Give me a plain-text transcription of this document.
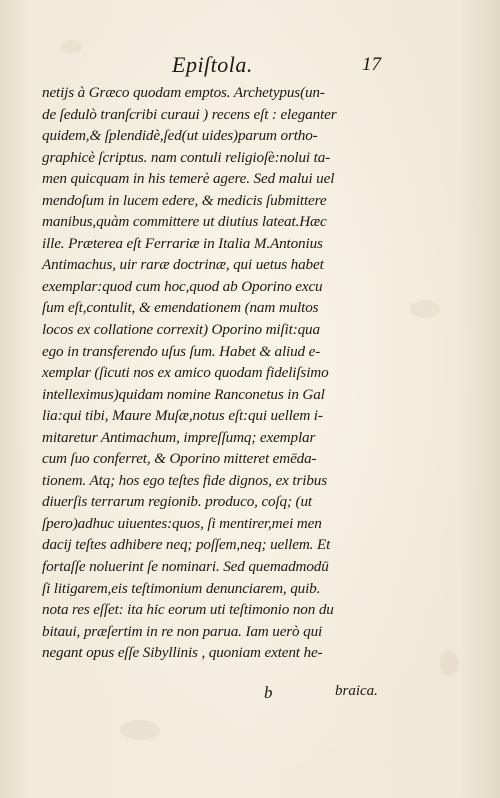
Epiſtola.	17
netijs à Græco quodam emptos. Archetypus(un-
de ſedulò tranſcribi curaui ) recens eſt : eleganter
quidem,& ſplendidè,ſed(ut uides)parum ortho-
graphicè ſcriptus. nam contuli religioſè:nolui ta-
men quicquam in his temerè agere. Sed malui uel
mendoſum in lucem edere, & medicis ſubmittere
manibus,quàm committere ut diutius lateat.Hæc
ille. Præterea eſt Ferrariæ in Italia M.Antonius
Antimachus, uir raræ doctrinæ, qui uetus habet
exemplar:quod cum hoc,quod ab Oporino excu
ſum eſt,contulit, & emendationem (nam multos
locos ex collatione correxit) Oporino miſit:qua
ego in transferendo uſus ſum. Habet & aliud e-
xemplar (ſicuti nos ex amico quodam fideliſsimo
intelleximus)quidam nomine Ranconetus in Gal
lia:qui tibi, Maure Muſæ,notus eſt:qui uellem i-
mitaretur Antimachum, impreſſumq; exemplar
cum ſuo conferret, & Oporino mitteret emēda-
tionem. Atq; hos ego teſtes fide dignos, ex tribus
diuerſis terrarum regionib. produco, coſq; (ut
ſpero)adhuc uiuentes:quos, ſi mentirer,mei men
dacij teſtes adhibere neq; poſſem,neq; uellem. Et
fortaſſe noluerint ſe nominari. Sed quemadmodū
ſi litigarem,eis teſtimonium denunciarem, quib.
nota res eſſet: ita hic eorum uti teſtimonio non du
bitaui, præſertim in re non parua. Iam uerò qui
negant opus eſſe Sibyllinis , quoniam extent he-
b	braica.
